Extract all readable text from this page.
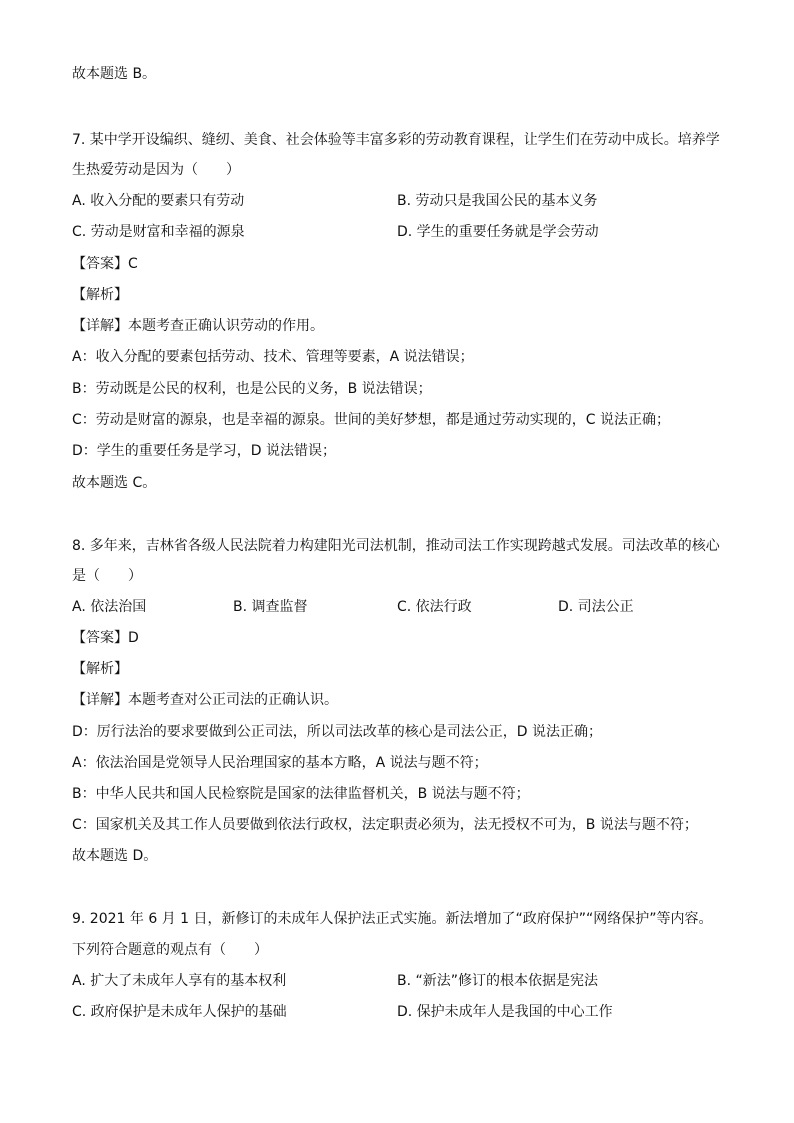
故本题选 B。
7. 某中学开设编织、缝纫、美食、社会体验等丰富多彩的劳动教育课程，让学生们在劳动中成长。培养学
生热爱劳动是因为（　　）
A. 收入分配的要素只有劳动	B. 劳动只是我国公民的基本义务
C. 劳动是财富和幸福的源泉	D. 学生的重要任务就是学会劳动
【答案】C
【解析】
【详解】本题考查正确认识劳动的作用。
A：收入分配的要素包括劳动、技术、管理等要素，A 说法错误；
B：劳动既是公民的权利，也是公民的义务，B 说法错误；
C：劳动是财富的源泉，也是幸福的源泉。世间的美好梦想，都是通过劳动实现的，C 说法正确；
D：学生的重要任务是学习，D 说法错误；
故本题选 C。
8. 多年来，吉林省各级人民法院着力构建阳光司法机制，推动司法工作实现跨越式发展。司法改革的核心
是（　　）
A. 依法治国	B. 调查监督	C. 依法行政	D. 司法公正
【答案】D
【解析】
【详解】本题考查对公正司法的正确认识。
D：厉行法治的要求要做到公正司法，所以司法改革的核心是司法公正，D 说法正确；
A：依法治国是党领导人民治理国家的基本方略，A 说法与题不符；
B：中华人民共和国人民检察院是国家的法律监督机关，B 说法与题不符；
C：国家机关及其工作人员要做到依法行政权，法定职责必须为，法无授权不可为，B 说法与题不符；
故本题选 D。
9. 2021 年 6 月 1 日，新修订的未成年人保护法正式实施。新法增加了“政府保护”“网络保护”等内容。
下列符合题意的观点有（　　）
A. 扩大了未成年人享有的基本权利	B. “新法”修订的根本依据是宪法
C. 政府保护是未成年人保护的基础	D. 保护未成年人是我国的中心工作
